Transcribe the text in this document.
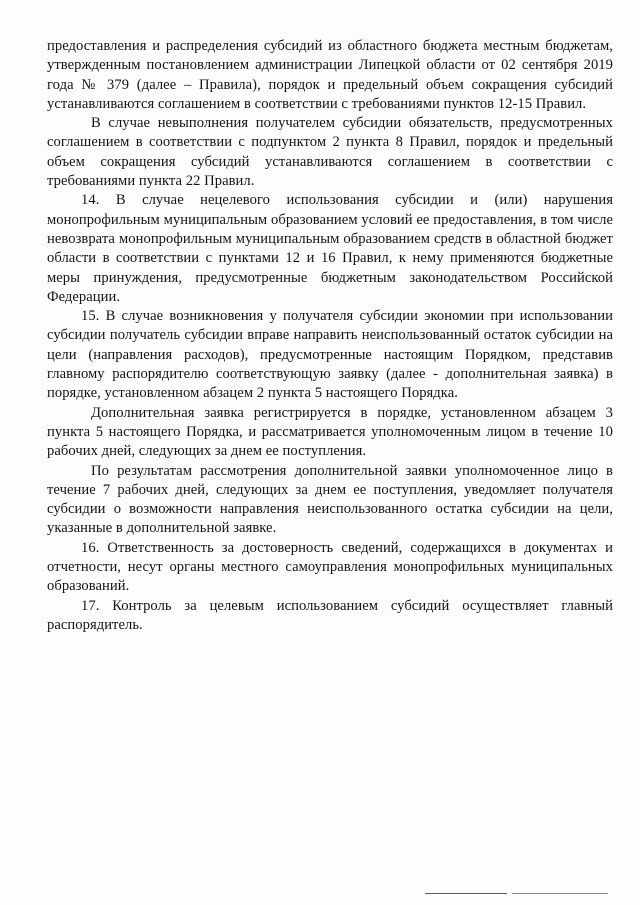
предоставления и распределения субсидий из областного бюджета местным бюджетам, утвержденным постановлением администрации Липецкой области от 02 сентября 2019 года № 379 (далее – Правила), порядок и предельный объем сокращения субсидий устанавливаются соглашением в соответствии с требованиями пунктов 12-15 Правил.

В случае невыполнения получателем субсидии обязательств, предусмотренных соглашением в соответствии с подпунктом 2 пункта 8 Правил, порядок и предельный объем сокращения субсидий устанавливаются соглашением в соответствии с требованиями пункта 22 Правил.

14. В случае нецелевого использования субсидии и (или) нарушения монопрофильным муниципальным образованием условий ее предоставления, в том числе невозврата монопрофильным муниципальным образованием средств в областной бюджет области в соответствии с пунктами 12 и 16 Правил, к нему применяются бюджетные меры принуждения, предусмотренные бюджетным законодательством Российской Федерации.

15. В случае возникновения у получателя субсидии экономии при использовании субсидии получатель субсидии вправе направить неиспользованный остаток субсидии на цели (направления расходов), предусмотренные настоящим Порядком, представив главному распорядителю соответствующую заявку (далее - дополнительная заявка) в порядке, установленном абзацем 2 пункта 5 настоящего Порядка.

Дополнительная заявка регистрируется в порядке, установленном абзацем 3 пункта 5 настоящего Порядка, и рассматривается уполномоченным лицом в течение 10 рабочих дней, следующих за днем ее поступления.

По результатам рассмотрения дополнительной заявки уполномоченное лицо в течение 7 рабочих дней, следующих за днем ее поступления, уведомляет получателя субсидии о возможности направления неиспользованного остатка субсидии на цели, указанные в дополнительной заявке.

16. Ответственность за достоверность сведений, содержащихся в документах и отчетности, несут органы местного самоуправления монопрофильных муниципальных образований.

17. Контроль за целевым использованием субсидий осуществляет главный распорядитель.
